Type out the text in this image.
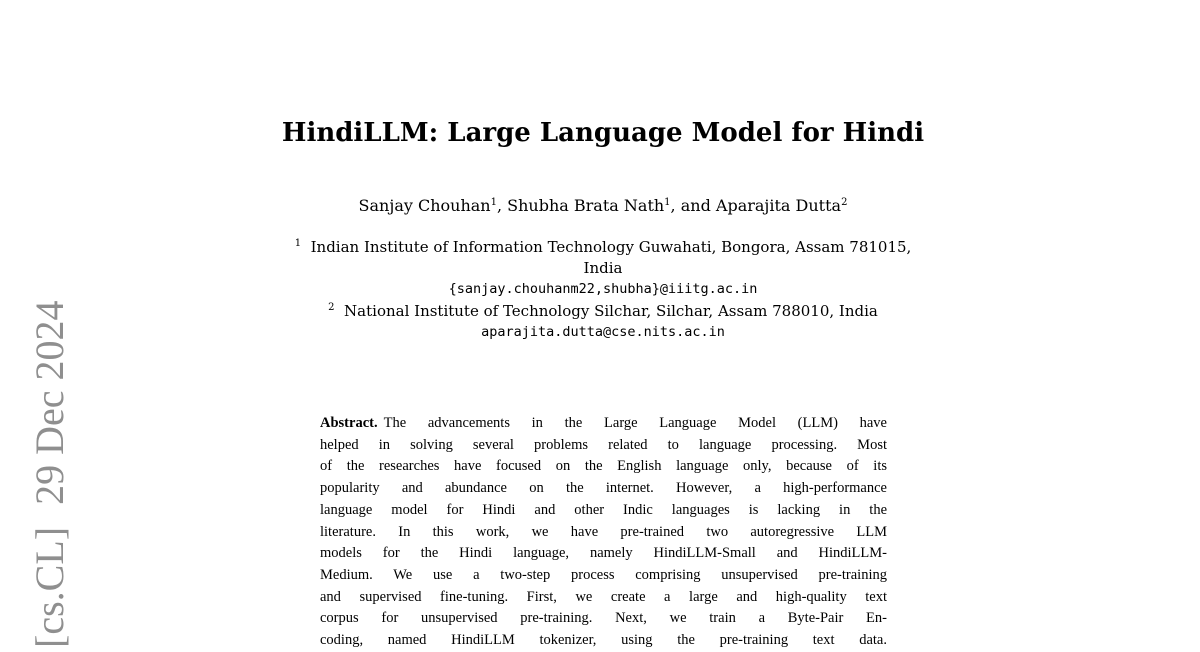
[cs.CL]29 Dec 2024
HindiLLM: Large Language Model for Hindi
Sanjay Chouhan$^1$, Shubha Brata Nath$^1$, and Aparajita Dutta$^2$
$^1$ Indian Institute of Information Technology Guwahati, Bongora, Assam 781015,
India
{sanjay.chouhanm22,shubha}@iiitg.ac.in
$^2$ National Institute of Technology Silchar, Silchar, Assam 788010, India
aparajita.dutta@cse.nits.ac.in
Abstract. The advancements in the Large Language Model (LLM) have
helped in solving several problems related to language processing. Most
of the researches have focused on the English language only, because of its
popularity and abundance on the internet. However, a high-performance
language model for Hindi and other Indic languages is lacking in the
literature. In this work, we have pre-trained two autoregressive LLM
models for the Hindi language, namely HindiLLM-Small and HindiLLM-
Medium. We use a two-step process comprising unsupervised pre-training
and supervised fine-tuning. First, we create a large and high-quality text
corpus for unsupervised pre-training. Next, we train a Byte-Pair En-
coding, named HindiLLM tokenizer, using the pre-training text data.
